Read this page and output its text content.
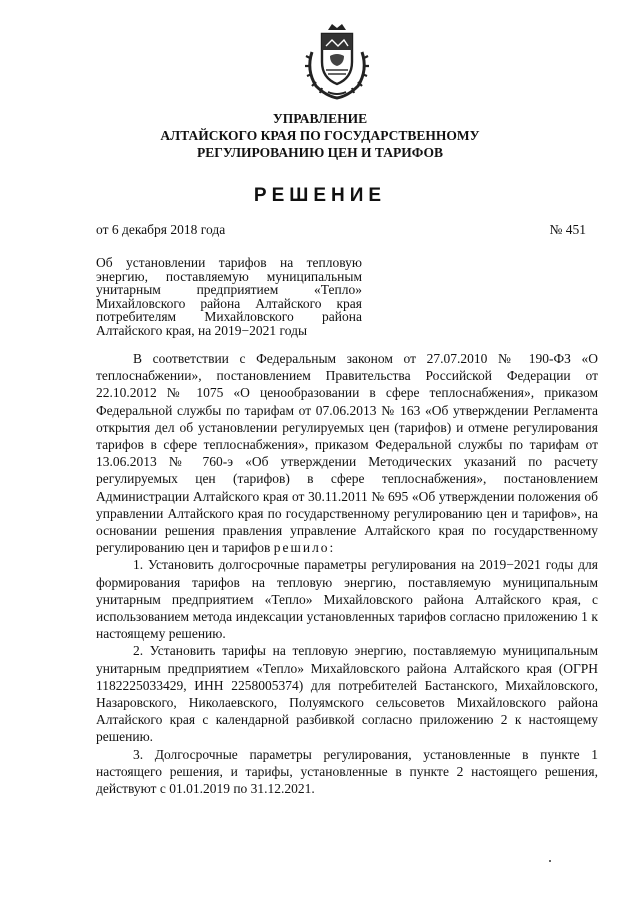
УПРАВЛЕНИЕ
АЛТАЙСКОГО КРАЯ ПО ГОСУДАРСТВЕННОМУ
РЕГУЛИРОВАНИЮ ЦЕН И ТАРИФОВ
РЕШЕНИЕ
от 6 декабря 2018 года	№ 451
Об установлении тарифов на тепловую
энергию, поставляемую муниципальным
унитарным предприятием «Тепло»
Михайловского района Алтайского края
потребителям Михайловского района
Алтайского края, на 2019−2021 годы

В соответствии с Федеральным законом от 27.07.2010 № 190-ФЗ «О теплоснабжении», постановлением Правительства Российской Федерации от 22.10.2012 № 1075 «О ценообразовании в сфере теплоснабжения», приказом Федеральной службы по тарифам от 07.06.2013 № 163 «Об утверждении Регламента открытия дел об установлении регулируемых цен (тарифов) и отмене регулирования тарифов в сфере теплоснабжения», приказом Федеральной службы по тарифам от 13.06.2013 № 760-э «Об утверждении Методических указаний по расчету регулируемых цен (тарифов) в сфере теплоснабжения», постановлением Администрации Алтайского края от 30.11.2011 № 695 «Об утверждении положения об управлении Алтайского края по государственному регулированию цен и тарифов», на основании решения правления управление Алтайского края по государственному регулированию цен и тарифов решило:

1. Установить долгосрочные параметры регулирования на 2019−2021 годы для формирования тарифов на тепловую энергию, поставляемую муниципальным унитарным предприятием «Тепло» Михайловского района Алтайского края, с использованием метода индексации установленных тарифов согласно приложению 1 к настоящему решению.

2. Установить тарифы на тепловую энергию, поставляемую муниципальным унитарным предприятием «Тепло» Михайловского района Алтайского края (ОГРН 1182225033429, ИНН 2258005374) для потребителей Бастанского, Михайловского, Назаровского, Николаевского, Полуямского сельсоветов Михайловского района Алтайского края с календарной разбивкой согласно приложению 2 к настоящему решению.

3. Долгосрочные параметры регулирования, установленные в пункте 1 настоящего решения, и тарифы, установленные в пункте 2 настоящего решения, действуют с 01.01.2019 по 31.12.2021.
